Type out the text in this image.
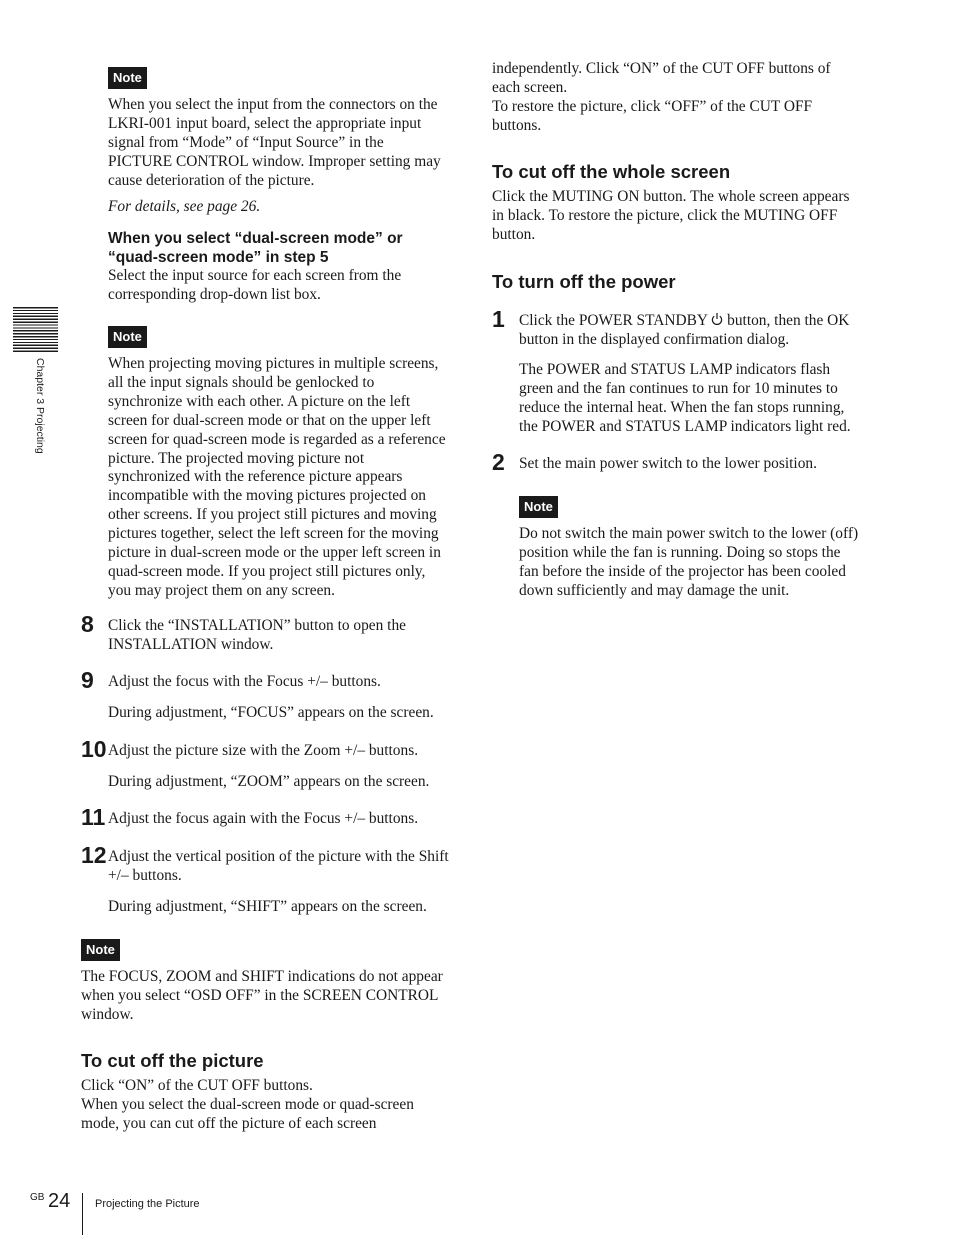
Chapter 3 Projecting
Note

When you select the input from the connectors on the

LKRI-001 input board, select the appropriate input

signal from “Mode” of “Input Source” in the

PICTURE CONTROL window. Improper setting may

cause deterioration of the picture.

For details, see page 26.

When you select “dual-screen mode” or

“quad-screen mode” in step 5

Select the input source for each screen from the

corresponding drop-down list box.

Note

When projecting moving pictures in multiple screens,

all the input signals should be genlocked to

synchronize with each other. A picture on the left

screen for dual-screen mode or that on the upper left

screen for quad-screen mode is regarded as a reference

picture. The projected moving picture not

synchronized with the reference picture appears

incompatible with the moving pictures projected on

other screens. If you project still pictures and moving

pictures together, select the left screen for the moving

picture in dual-screen mode or the upper left screen in

quad-screen mode. If you project still pictures only,

you may project them on any screen.

8 Click the “INSTALLATION” button to open the

INSTALLATION window.

9 Adjust the focus with the Focus +/– buttons.

During adjustment, “FOCUS” appears on the screen.

10 Adjust the picture size with the Zoom +/– buttons.

During adjustment, “ZOOM” appears on the screen.

11 Adjust the focus again with the Focus +/– buttons.

12 Adjust the vertical position of the picture with the Shift

+/– buttons.

During adjustment, “SHIFT” appears on the screen.

Note

The FOCUS, ZOOM and SHIFT indications do not appear

when you select “OSD OFF” in the SCREEN CONTROL

window.

To cut off the picture

Click “ON” of the CUT OFF buttons.

When you select the dual-screen mode or quad-screen

mode, you can cut off the picture of each screen

independently. Click “ON” of the CUT OFF buttons of

each screen.

To restore the picture, click “OFF” of the CUT OFF

buttons.

To cut off the whole screen

Click the MUTING ON button. The whole screen appears

in black. To restore the picture, click the MUTING OFF

button.

To turn off the power

1 Click the POWER STANDBY button, then the OK

button in the displayed confirmation dialog.

The POWER and STATUS LAMP indicators flash

green and the fan continues to run for 10 minutes to

reduce the internal heat. When the fan stops running,

the POWER and STATUS LAMP indicators light red.

2 Set the main power switch to the lower position.

Note

Do not switch the main power switch to the lower (off)

position while the fan is running. Doing so stops the

fan before the inside of the projector has been cooled

down sufficiently and may damage the unit.

GB 24 Projecting the Picture
